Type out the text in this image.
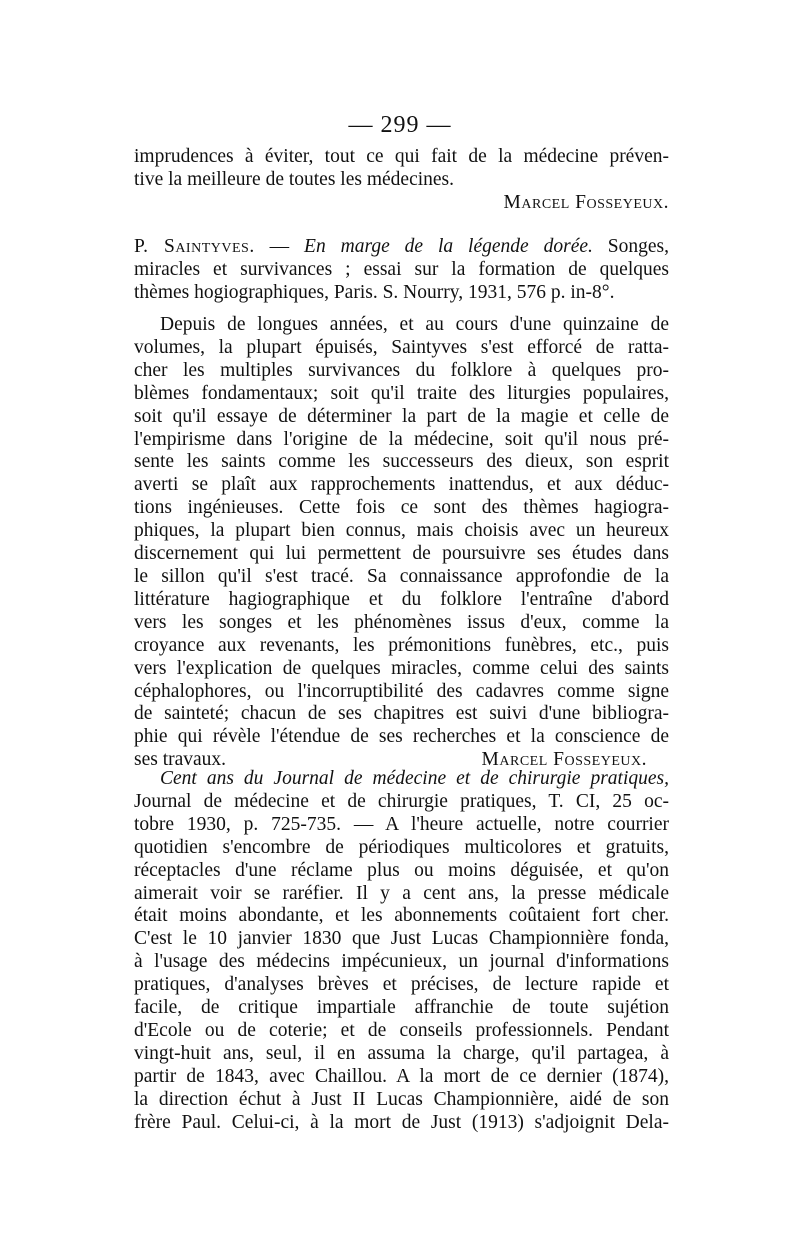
— 299 —
imprudences à éviter, tout ce qui fait de la médecine préven-
tive la meilleure de toutes les médecines.
Marcel Fosseyeux.
P. Saintyves. — En marge de la légende dorée. Songes,
miracles et survivances ; essai sur la formation de quelques
thèmes hogiographiques, Paris. S. Nourry, 1931, 576 p. in-8°.
Depuis de longues années, et au cours d'une quinzaine de
volumes, la plupart épuisés, Saintyves s'est efforcé de ratta-
cher les multiples survivances du folklore à quelques pro-
blèmes fondamentaux; soit qu'il traite des liturgies populaires,
soit qu'il essaye de déterminer la part de la magie et celle de
l'empirisme dans l'origine de la médecine, soit qu'il nous pré-
sente les saints comme les successeurs des dieux, son esprit
averti se plaît aux rapprochements inattendus, et aux déduc-
tions ingénieuses. Cette fois ce sont des thèmes hagiogra-
phiques, la plupart bien connus, mais choisis avec un heureux
discernement qui lui permettent de poursuivre ses études dans
le sillon qu'il s'est tracé. Sa connaissance approfondie de la
littérature hagiographique et du folklore l'entraîne d'abord
vers les songes et les phénomènes issus d'eux, comme la
croyance aux revenants, les prémonitions funèbres, etc., puis
vers l'explication de quelques miracles, comme celui des saints
céphalophores, ou l'incorruptibilité des cadavres comme signe
de sainteté; chacun de ses chapitres est suivi d'une bibliogra-
phie qui révèle l'étendue de ses recherches et la conscience de
ses travaux.	Marcel Fosseyeux.
Cent ans du Journal de médecine et de chirurgie pratiques,
Journal de médecine et de chirurgie pratiques, T. CI, 25 oc-
tobre 1930, p. 725-735. — A l'heure actuelle, notre courrier
quotidien s'encombre de périodiques multicolores et gratuits,
réceptacles d'une réclame plus ou moins déguisée, et qu'on
aimerait voir se raréfier. Il y a cent ans, la presse médicale
était moins abondante, et les abonnements coûtaient fort cher.
C'est le 10 janvier 1830 que Just Lucas Championnière fonda,
à l'usage des médecins impécunieux, un journal d'informations
pratiques, d'analyses brèves et précises, de lecture rapide et
facile, de critique impartiale affranchie de toute sujétion
d'Ecole ou de coterie; et de conseils professionnels. Pendant
vingt-huit ans, seul, il en assuma la charge, qu'il partagea, à
partir de 1843, avec Chaillou. A la mort de ce dernier (1874),
la direction échut à Just II Lucas Championnière, aidé de son
frère Paul. Celui-ci, à la mort de Just (1913) s'adjoignit Dela-
